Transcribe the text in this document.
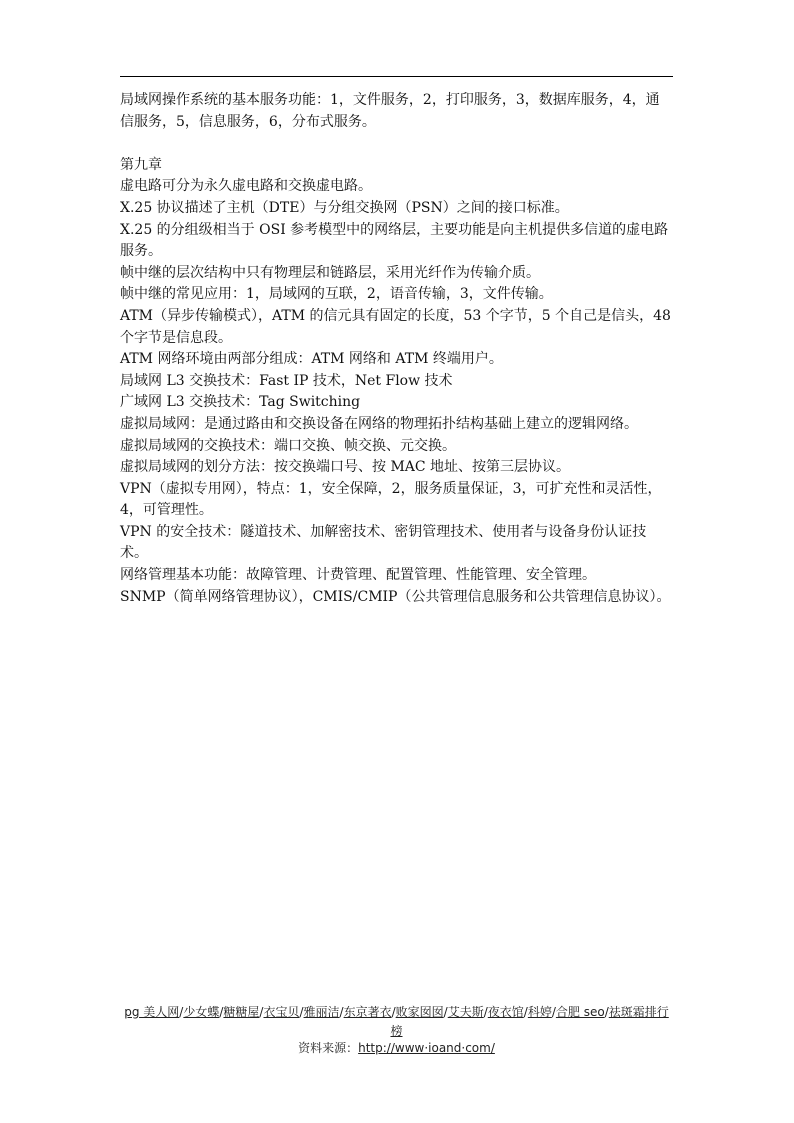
局域网操作系统的基本服务功能：1，文件服务，2，打印服务，3，数据库服务，4，通信服务，5，信息服务，6，分布式服务。

第九章

虚电路可分为永久虚电路和交换虚电路。

X.25 协议描述了主机（DTE）与分组交换网（PSN）之间的接口标准。

X.25 的分组级相当于 OSI 参考模型中的网络层，主要功能是向主机提供多信道的虚电路服务。

帧中继的层次结构中只有物理层和链路层，采用光纤作为传输介质。

帧中继的常见应用：1，局域网的互联，2，语音传输，3，文件传输。

ATM（异步传输模式），ATM 的信元具有固定的长度，53 个字节，5 个自己是信头，48 个字节是信息段。

ATM 网络环境由两部分组成：ATM 网络和 ATM 终端用户。

局域网 L3 交换技术：Fast IP 技术，Net Flow 技术

广域网 L3 交换技术：Tag Switching

虚拟局域网：是通过路由和交换设备在网络的物理拓扑结构基础上建立的逻辑网络。

虚拟局域网的交换技术：端口交换、帧交换、元交换。

虚拟局域网的划分方法：按交换端口号、按 MAC 地址、按第三层协议。

VPN（虚拟专用网），特点：1，安全保障，2，服务质量保证，3，可扩充性和灵活性，4，可管理性。

VPN 的安全技术：隧道技术、加解密技术、密钥管理技术、使用者与设备身份认证技术。

网络管理基本功能：故障管理、计费管理、配置管理、性能管理、安全管理。

SNMP（简单网络管理协议），CMIS/CMIP（公共管理信息服务和公共管理信息协议）。

pg 美人网/少女蝶/糖糖屋/衣宝贝/雅丽洁/东京著衣/败家囡囡/艾夫斯/夜衣馆/科婷/合肥 seo/祛斑霜排行榜
资料来源：http://www·ioand·com/
